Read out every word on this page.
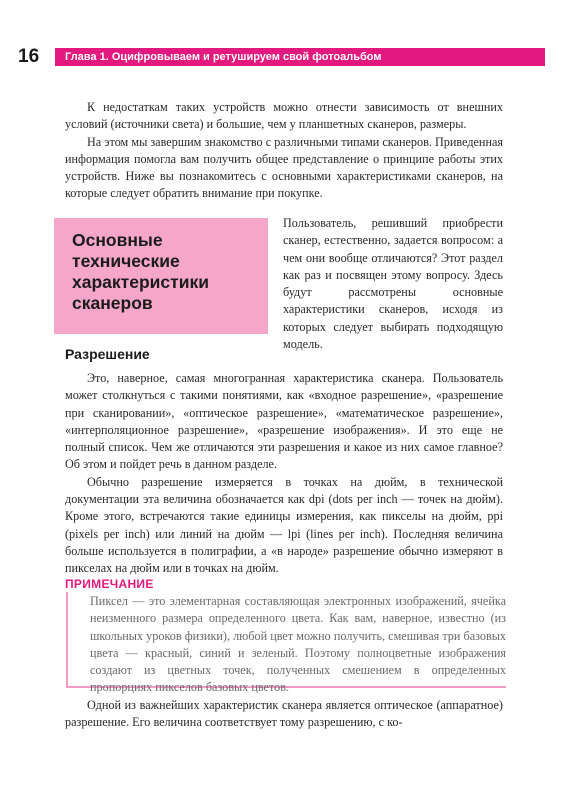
16	Глава 1. Оцифровываем и ретушируем свой фотоальбом

К недостаткам таких устройств можно отнести зависимость от внешних условий (источники света) и большие, чем у планшетных сканеров, размеры.

На этом мы завершим знакомство с различными типами сканеров. Приведенная информация помогла вам получить общее представление о принципе работы этих устройств. Ниже вы познакомитесь с основными характеристиками сканеров, на которые следует обратить внимание при покупке.

Основные
технические
характеристики
сканеров

Пользователь, решивший приобрести сканер, естественно, задается вопросом: а чем они вообще отличаются? Этот раздел как раз и посвящен этому вопросу. Здесь будут рассмотрены основные характеристики сканеров, исходя из которых следует выбирать подходящую модель.

Разрешение

Это, наверное, самая многогранная характеристика сканера. Пользователь может столкнуться с такими понятиями, как «входное разрешение», «разрешение при сканировании», «оптическое разрешение», «математическое разрешение», «интерполяционное разрешение», «разрешение изображения». И это еще не полный список. Чем же отличаются эти разрешения и какое из них самое главное? Об этом и пойдет речь в данном разделе.

Обычно разрешение измеряется в точках на дюйм, в технической документации эта величина обозначается как dpi (dots per inch — точек на дюйм). Кроме этого, встречаются такие единицы измерения, как пикселы на дюйм, ppi (pixels per inch) или линий на дюйм — lpi (lines per inch). Последняя величина больше используется в полиграфии, а «в народе» разрешение обычно измеряют в пикселах на дюйм или в точках на дюйм.

ПРИМЕЧАНИЕ

Пиксел — это элементарная составляющая электронных изображений, ячейка неизменного размера определенного цвета. Как вам, наверное, известно (из школьных уроков физики), любой цвет можно получить, смешивая три базовых цвета — красный, синий и зеленый. Поэтому полноцветные изображения создают из цветных точек, полученных смешением в определенных пропорциях пикселов базовых цветов.

Одной из важнейших характеристик сканера является оптическое (аппаратное) разрешение. Его величина соответствует тому разрешению, с ко-
